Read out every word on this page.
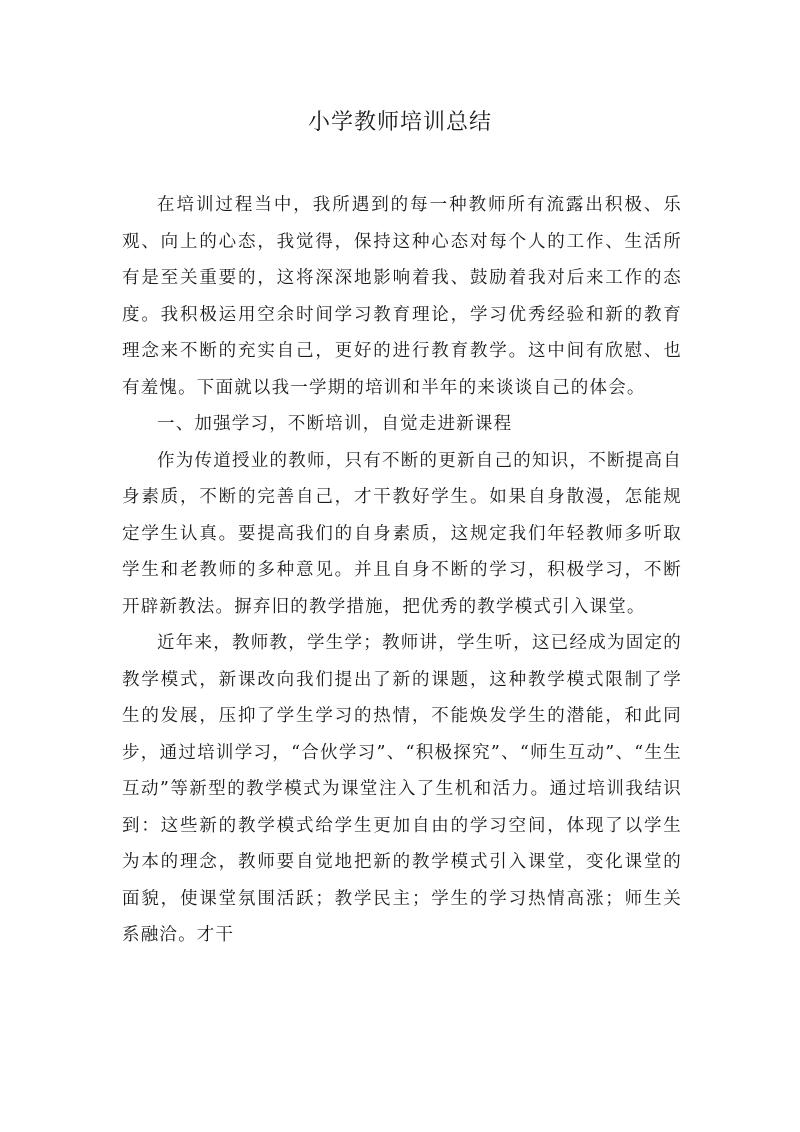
小学教师培训总结

在培训过程当中，我所遇到的每一种教师所有流露出积极、乐观、向上的心态，我觉得，保持这种心态对每个人的工作、生活所有是至关重要的，这将深深地影响着我、鼓励着我对后来工作的态度。我积极运用空余时间学习教育理论，学习优秀经验和新的教育理念来不断的充实自己，更好的进行教育教学。这中间有欣慰、也有羞愧。下面就以我一学期的培训和半年的来谈谈自己的体会。

一、加强学习，不断培训，自觉走进新课程

作为传道授业的教师，只有不断的更新自己的知识，不断提高自身素质，不断的完善自己，才干教好学生。如果自身散漫，怎能规定学生认真。要提高我们的自身素质，这规定我们年轻教师多听取学生和老教师的多种意见。并且自身不断的学习，积极学习，不断开辟新教法。摒弃旧的教学措施，把优秀的教学模式引入课堂。

近年来，教师教，学生学；教师讲，学生听，这已经成为固定的教学模式，新课改向我们提出了新的课题，这种教学模式限制了学生的发展，压抑了学生学习的热情，不能焕发学生的潜能，和此同步，通过培训学习，“合伙学习”、“积极探究”、“师生互动”、“生生互动”等新型的教学模式为课堂注入了生机和活力。通过培训我结识到：这些新的教学模式给学生更加自由的学习空间，体现了以学生为本的理念，教师要自觉地把新的教学模式引入课堂，变化课堂的面貌，使课堂氛围活跃；教学民主；学生的学习热情高涨；师生关系融洽。才干
